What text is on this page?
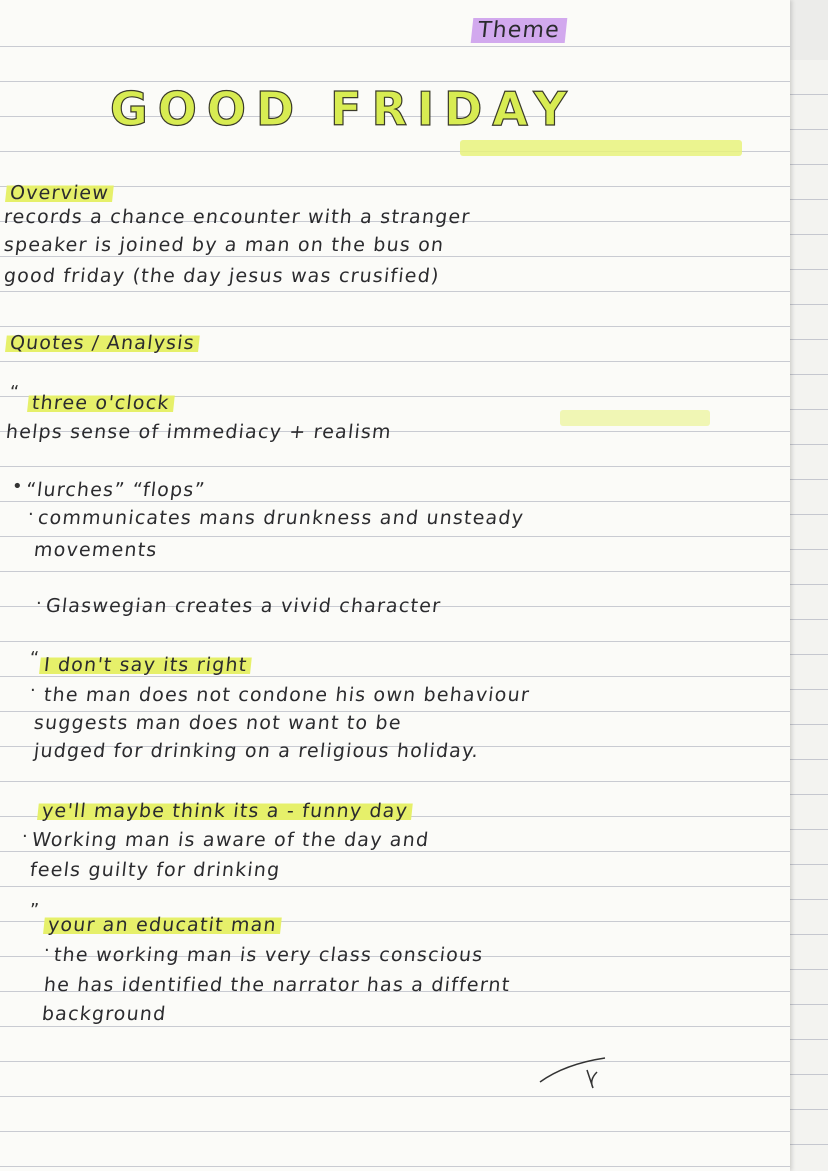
Theme
GOOD FRIDAY
Overview
records a chance encounter with a stranger
speaker is joined by a man on the bus on
good friday (the day jesus was crusified)
Quotes / Analysis
“ three o'clock
helps sense of immediacy + realism
• “lurches” “flops”
· communicates mans drunkness and unsteady
movements
· Glaswegian creates a vivid character
“ I don't say its right
· the man does not condone his own behaviour
suggests man does not want to be
judged for drinking on a religious holiday.
ye'll maybe think its a - funny day
· Working man is aware of the day and
feels guilty for drinking
”
your an educatit man
· the working man is very class conscious
he has identified the narrator has a differnt
background
